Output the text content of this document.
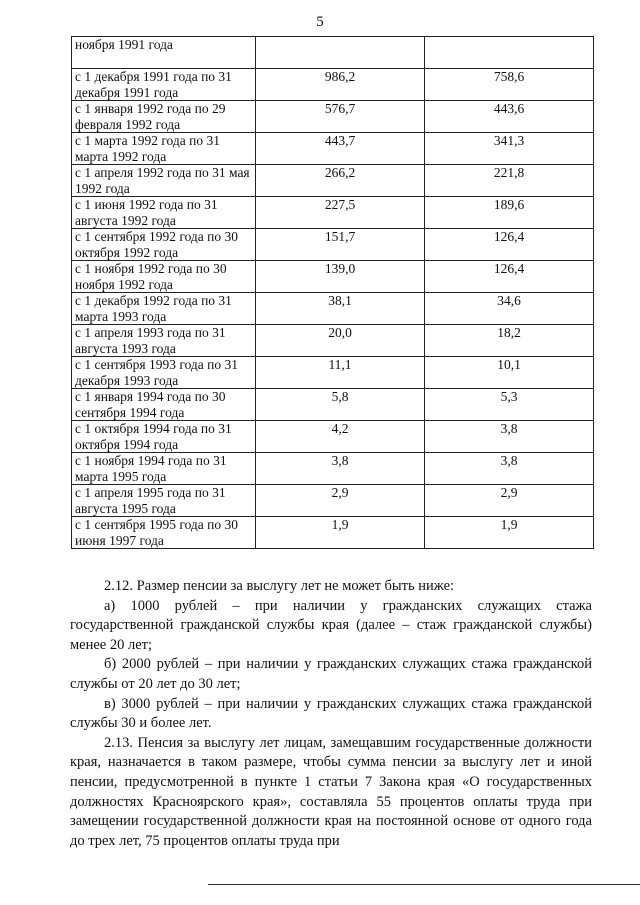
5
ноября 1991 года		
с 1 декабря 1991 года по 31 декабря 1991 года	986,2	758,6
с 1 января 1992 года по 29 февраля 1992 года	576,7	443,6
с 1 марта 1992 года по 31 марта 1992 года	443,7	341,3
с 1 апреля 1992 года по 31 мая 1992 года	266,2	221,8
с 1 июня 1992 года по 31 августа 1992 года	227,5	189,6
с 1 сентября 1992 года по 30 октября 1992 года	151,7	126,4
с 1 ноября 1992 года по 30 ноября 1992 года	139,0	126,4
с 1 декабря 1992 года по 31 марта 1993 года	38,1	34,6
с 1 апреля 1993 года по 31 августа 1993 года	20,0	18,2
с 1 сентября 1993 года по 31 декабря 1993 года	11,1	10,1
с 1 января 1994 года по 30 сентября 1994 года	5,8	5,3
с 1 октября 1994 года по 31 октября 1994 года	4,2	3,8
с 1 ноября 1994 года по 31 марта 1995 года	3,8	3,8
с 1 апреля 1995 года по 31 августа 1995 года	2,9	2,9
с 1 сентября 1995 года по 30 июня 1997 года	1,9	1,9

2.12. Размер пенсии за выслугу лет не может быть ниже:

а) 1000 рублей – при наличии у гражданских служащих стажа государственной гражданской службы края (далее – стаж гражданской службы) менее 20 лет;

б) 2000 рублей – при наличии у гражданских служащих стажа гражданской службы от 20 лет до 30 лет;

в) 3000 рублей – при наличии у гражданских служащих стажа гражданской службы 30 и более лет.

2.13. Пенсия за выслугу лет лицам, замещавшим государственные должности края, назначается в таком размере, чтобы сумма пенсии за выслугу лет и иной пенсии, предусмотренной в пункте 1 статьи 7 Закона края «О государственных должностях Красноярского края», составляла 55 процентов оплаты труда при замещении государственной должности края на постоянной основе от одного года до трех лет, 75 процентов оплаты труда при
